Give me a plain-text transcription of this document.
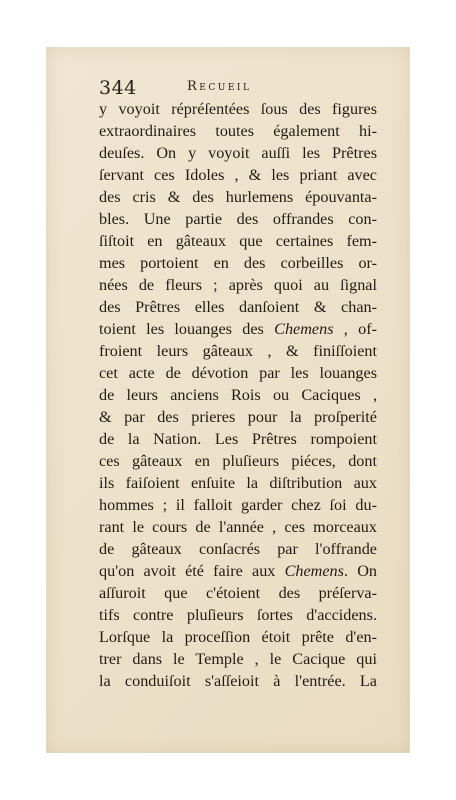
344	Recueil
y voyoit répréſentées ſous des figures
extraordinaires toutes également hi-
deuſes. On y voyoit auſſi les Prêtres
ſervant ces Idoles , & les priant avec
des cris & des hurlemens épouvanta-
bles. Une partie des offrandes con-
ſiſtoit en gâteaux que certaines fem-
mes portoient en des corbeilles or-
nées de fleurs ; après quoi au ſignal
des Prêtres elles danſoient & chan-
toient les louanges des Chemens , of-
froient leurs gâteaux , & finiſſoient
cet acte de dévotion par les louanges
de leurs anciens Rois ou Caciques ,
& par des prieres pour la proſperité
de la Nation. Les Prêtres rompoient
ces gâteaux en pluſieurs piéces, dont
ils faiſoient enſuite la diſtribution aux
hommes ; il falloit garder chez ſoi du-
rant le cours de l'année , ces morceaux
de gâteaux conſacrés par l'offrande
qu'on avoit été faire aux Chemens. On
aſſuroit que c'étoient des préſerva-
tifs contre pluſieurs ſortes d'accidens.
Lorſque la proceſſion étoit prête d'en-
trer dans le Temple , le Cacique qui
la conduiſoit s'aſſeioit à l'entrée. La
